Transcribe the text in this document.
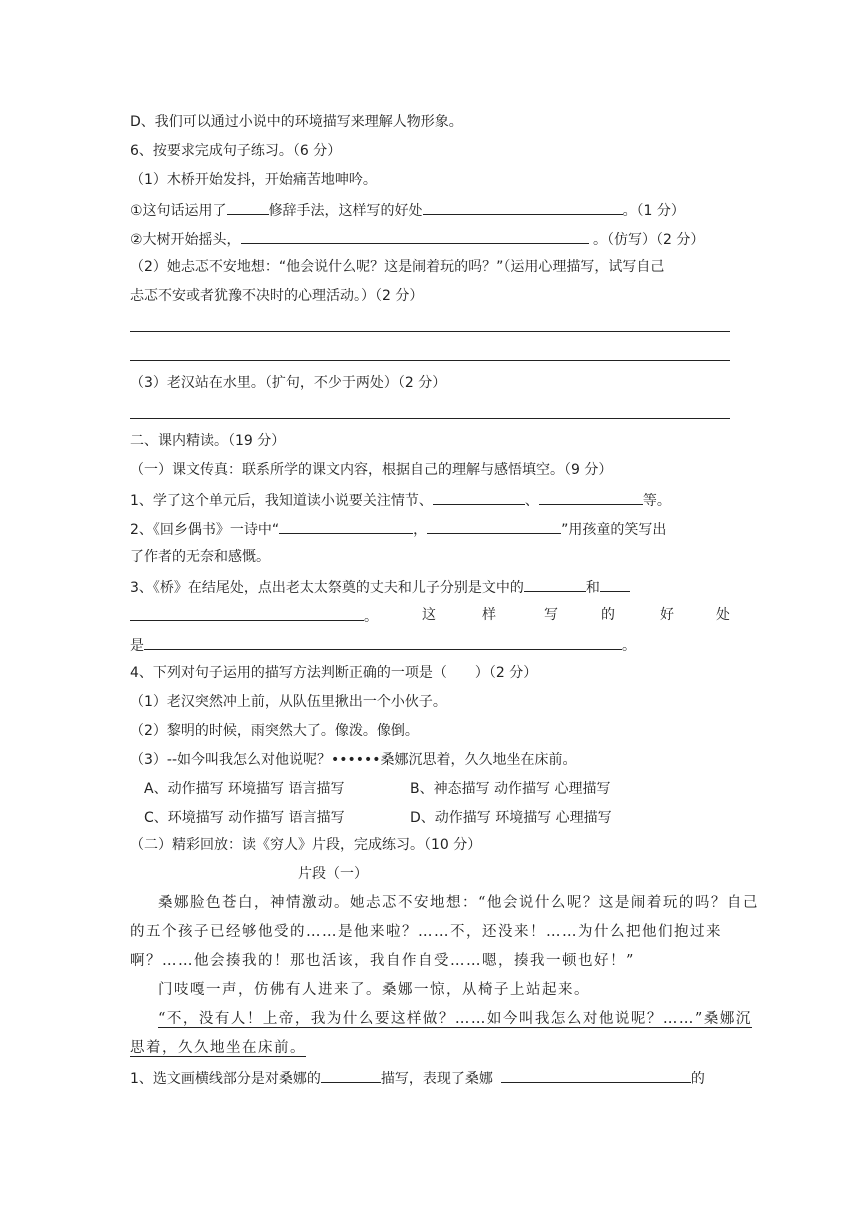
D、我们可以通过小说中的环境描写来理解人物形象。
6、按要求完成句子练习。（6 分）
（1）木桥开始发抖，开始痛苦地呻吟。
①这句话运用了	修辞手法，这样写的好处	。（1 分）
②大树开始摇头，	。（仿写）（2 分）
（2）她忐忑不安地想：“他会说什么呢？这是闹着玩的吗？”（运用心理描写，试写自己
忐忑不安或者犹豫不决时的心理活动。）（2 分）
（3）老汉站在水里。（扩句，不少于两处）（2 分）
二、课内精读。（19 分）
（一）课文传真：联系所学的课文内容，根据自己的理解与感悟填空。（9 分）
1、学了这个单元后，我知道读小说要关注情节、	、	等。
2、《回乡偶书》一诗中“	，	”用孩童的笑写出
了作者的无奈和感慨。
3、《桥》在结尾处，点出老太太祭奠的丈夫和儿子分别是文中的	和
。	这	样	写	的	好	处
是	。
4、下列对句子运用的描写方法判断正确的一项是（　　）（2 分）
（1）老汉突然冲上前，从队伍里揪出一个小伙子。
（2）黎明的时候，雨突然大了。像泼。像倒。
（3）--如今叫我怎么对他说呢？••••••桑娜沉思着，久久地坐在床前。
A、动作描写 环境描写 语言描写	B、神态描写 动作描写 心理描写
C、环境描写 动作描写 语言描写	D、动作描写 环境描写 心理描写
（二）精彩回放：读《穷人》片段，完成练习。（10 分）
片段（一）
桑娜脸色苍白，神情激动。她忐忑不安地想：“他会说什么呢？这是闹着玩的吗？自己
的五个孩子已经够他受的……是他来啦？……不，还没来！……为什么把他们抱过来
啊？……他会揍我的！那也活该，我自作自受……嗯，揍我一顿也好！”
门吱嘎一声，仿佛有人进来了。桑娜一惊，从椅子上站起来。
“不，没有人！上帝，我为什么要这样做？……如今叫我怎么对他说呢？……”桑娜沉
思着，久久地坐在床前。
1、选文画横线部分是对桑娜的	描写，表现了桑娜	的
